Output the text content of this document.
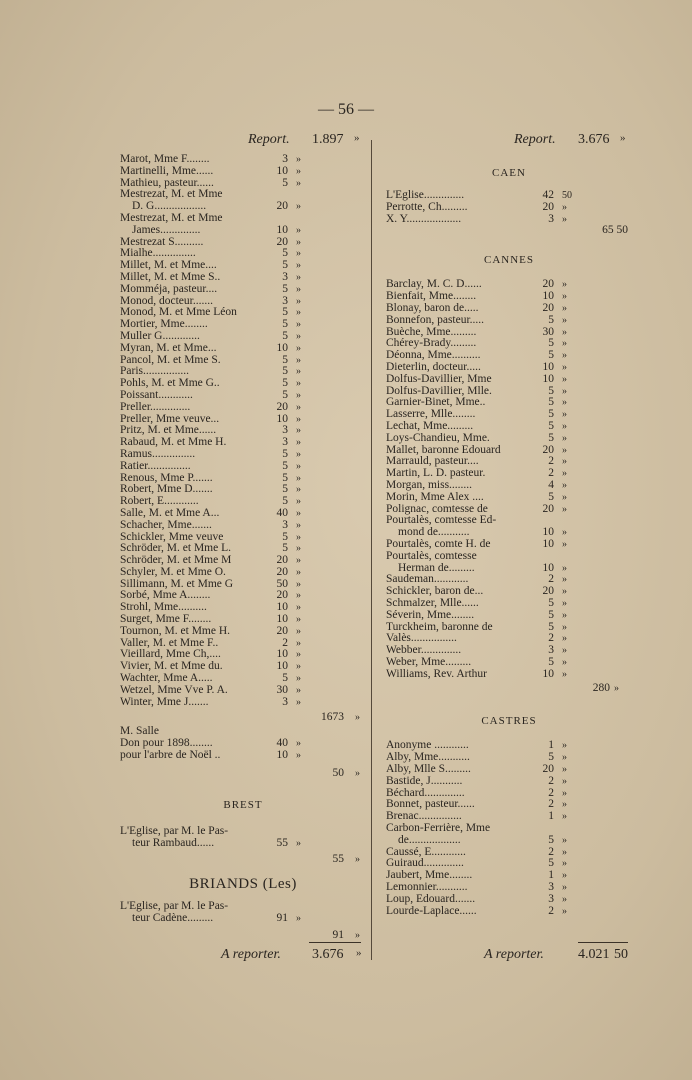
— 56 —
Report. 1.897 »
Marot, Mme F........	3 »
Martinelli, Mme......	10 »
Mathieu, pasteur......	5 »
Mestrezat, M. et Mme
D. G..................	20 »
Mestrezat, M. et Mme
James..............	10 »
Mestrezat S..........	20 »
Mialhe...............	5 »
Millet, M. et Mme....	5 »
Millet, M. et Mme S..	3 »
Momméja, pasteur....	5 »
Monod, docteur.......	3 »
Monod, M. et Mme Léon	5 »
Mortier, Mme........	5 »
Muller G.............	5 »
Myran, M. et Mme...	10 »
Pancol, M. et Mme S.	5 »
Paris................	5 »
Pohls, M. et Mme G..	5 »
Poissant............	5 »
Preller..............	20 »
Preller, Mme veuve...	10 »
Pritz, M. et Mme......	3 »
Rabaud, M. et Mme H.	3 »
Ramus...............	5 »
Ratier...............	5 »
Renous, Mme P.......	5 »
Robert, Mme D.......	5 »
Robert, E............	5 »
Salle, M. et Mme A...	40 »
Schacher, Mme.......	3 »
Schickler, Mme veuve	5 »
Schröder, M. et Mme L.	5 »
Schröder, M. et Mme M	20 »
Schyler, M. et Mme O.	20 »
Sillimann, M. et Mme G	50 »
Sorbé, Mme A........	20 »
Strohl, Mme..........	10 »
Surget, Mme F........	10 »
Tournon, M. et Mme H.	20 »
Valler, M. et Mme F..	2 »
Vieillard, Mme Ch,....	10 »
Vivier, M. et Mme du.	10 »
Wachter, Mme A.....	5 »
Wetzel, Mme Vve P. A.	30 »
Winter, Mme J.......	3 »
1673 »
M. Salle
Don pour 1898........	40 »
pour l'arbre de Noël ..	10 »
50 »
BREST
L'Eglise, par M. le Pas-
teur Rambaud......	55 »
55 »
BRIANDS (Les)
L'Eglise, par M. le Pas-
teur Cadène.........	91 »
91 »
Report. 3.676 »
CAEN
L'Eglise..............	42 50
Perrotte, Ch.........	20 »
X. Y...................	3 »
65 50
CANNES
Barclay, M. C. D......	20 »
Bienfait, Mme........	10 »
Blonay, baron de.....	20 »
Bonnefon, pasteur.....	5 »
Buèche, Mme.........	30 »
Chérey-Brady.........	5 »
Déonna, Mme..........	5 »
Dieterlin, docteur.....	10 »
Dolfus-Davillier, Mme	10 »
Dolfus-Davillier, Mlle.	5 »
Garnier-Binet, Mme..	5 »
Lasserre, Mlle........	5 »
Lechat, Mme.........	5 »
Loys-Chandieu, Mme.	5 »
Mallet, baronne Edouard	20 »
Marrauld, pasteur....	2 »
Martin, L. D. pasteur.	2 »
Morgan, miss........	4 »
Morin, Mme Alex ....	5 »
Polignac, comtesse de	20 »
Pourtalès, comtesse Ed-
mond de...........	10 »
Pourtalès, comte H. de	10 »
Pourtalès, comtesse
Herman de.........	10 »
Saudeman............	2 »
Schickler, baron de...	20 »
Schmalzer, Mlle......	5 »
Séverin, Mme........	5 »
Turckheim, baronne de	5 »
Valès................	2 »
Webber..............	3 »
Weber, Mme.........	5 »
Williams, Rev. Arthur	10 »
280 »
CASTRES
Anonyme ............	1 »
Alby, Mme...........	5 »
Alby, Mlle S.........	20 »
Bastide, J...........	2 »
Béchard..............	2 »
Bonnet, pasteur......	2 »
Brenac...............	1 »
Carbon-Ferrière, Mme
de..................	5 »
Caussé, E............	2 »
Guiraud..............	5 »
Jaubert, Mme........	1 »
Lemonnier...........	3 »
Loup, Edouard.......	3 »
Lourde-Laplace......	2 »
A reporter. 3.676 »	A reporter. 4.021 50
